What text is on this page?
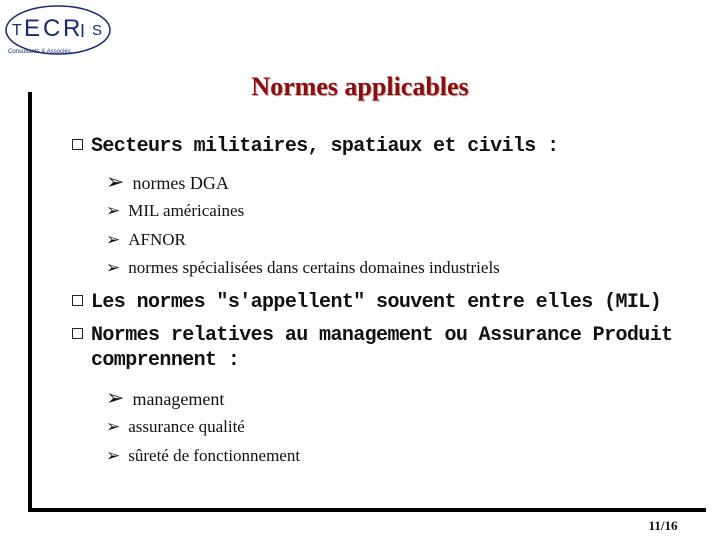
T E C R I S
Consultants & Associés
Normes applicables
Secteurs militaires, spatiaux et civils :
➢ normes DGA
➢ MIL américaines
➢ AFNOR
➢ normes spécialisées dans certains domaines industriels
Les normes "s'appellent" souvent entre elles (MIL)
Normes relatives au management ou Assurance Produit
comprennent :
➢ management
➢ assurance qualité
➢ sûreté de fonctionnement
11/16
